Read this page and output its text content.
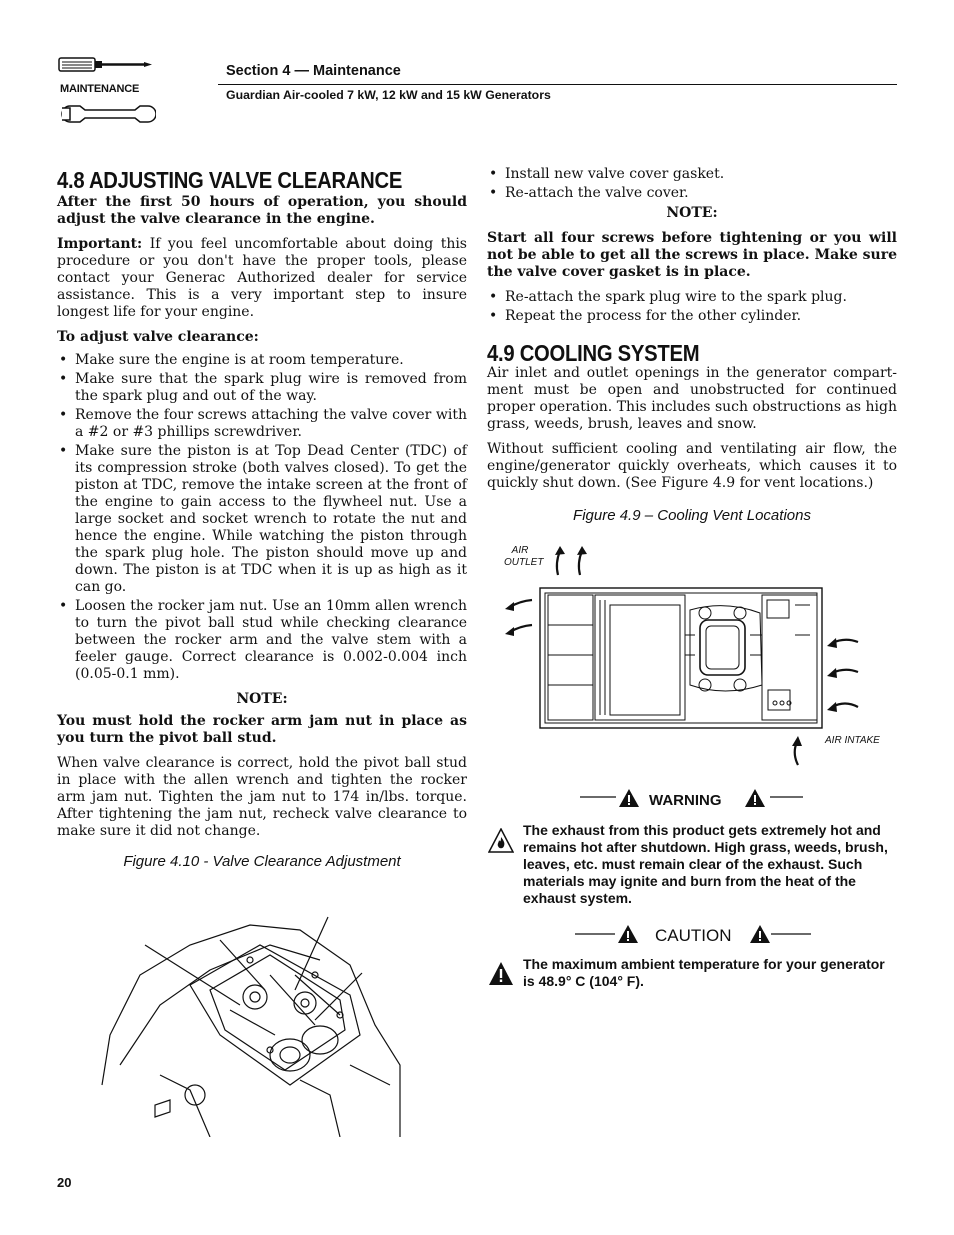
MAINTENANCE
Section 4 — Maintenance
Guardian Air-cooled 7 kW, 12 kW and 15 kW Generators
4.8 ADJUSTING VALVE CLEARANCE

After the first 50 hours of operation, you should adjust the valve clearance in the engine.

Important: If you feel uncomfortable about doing this procedure or you don't have the proper tools, please contact your Generac Authorized dealer for service assistance. This is a very important step to insure longest life for your engine.

To adjust valve clearance:

• Make sure the engine is at room temperature.
• Make sure that the spark plug wire is removed from the spark plug and out of the way.
• Remove the four screws attaching the valve cover with a #2 or #3 phillips screwdriver.
• Make sure the piston is at Top Dead Center (TDC) of its compression stroke (both valves closed). To get the piston at TDC, remove the intake screen at the front of the engine to gain access to the flywheel nut. Use a large socket and socket wrench to rotate the nut and hence the engine. While watching the piston through the spark plug hole. The piston should move up and down. The piston is at TDC when it is up as high as it can go.
• Loosen the rocker jam nut. Use an 10mm allen wrench to turn the pivot ball stud while checking clearance between the rocker arm and the valve stem with a feeler gauge. Correct clearance is 0.002-0.004 inch (0.05-0.1 mm).

NOTE:

You must hold the rocker arm jam nut in place as you turn the pivot ball stud.

When valve clearance is correct, hold the pivot ball stud in place with the allen wrench and tighten the rocker arm jam nut. Tighten the jam nut to 174 in/lbs. torque. After tightening the jam nut, recheck valve clearance to make sure it did not change.

Figure 4.10 - Valve Clearance Adjustment
• Install new valve cover gasket.
• Re-attach the valve cover.

NOTE:

Start all four screws before tightening or you will not be able to get all the screws in place. Make sure the valve cover gasket is in place.

• Re-attach the spark plug wire to the spark plug.
• Repeat the process for the other cylinder.
4.9 COOLING SYSTEM

Air inlet and outlet openings in the generator compart-ment must be open and unobstructed for continued proper operation. This includes such obstructions as high grass, weeds, brush, leaves and snow.

Without sufficient cooling and ventilating air flow, the engine/generator quickly overheats, which causes it to quickly shut down. (See Figure 4.9 for vent locations.)

Figure 4.9 – Cooling Vent Locations
AIR
OUTLET
AIR INTAKE
WARNING
The exhaust from this product gets extremely hot and remains hot after shutdown. High grass, weeds, brush, leaves, etc. must remain clear of the exhaust. Such materials may ignite and burn from the heat of the exhaust system.
CAUTION
The maximum ambient temperature for your generator is 48.9° C (104° F).
20
